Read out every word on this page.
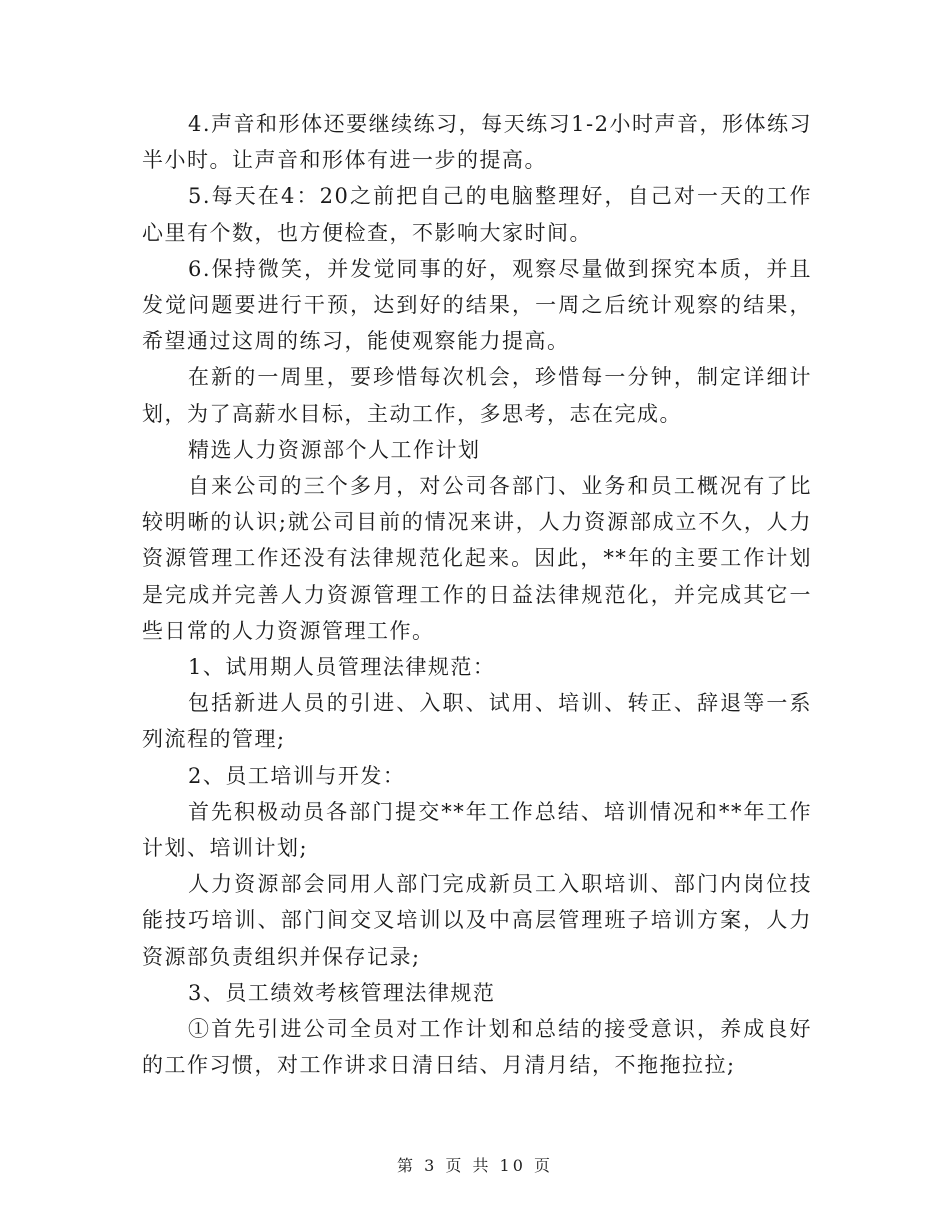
4.声音和形体还要继续练习，每天练习1-2小时声音，形体练习半小时。让声音和形体有进一步的提高。

5.每天在4：20之前把自己的电脑整理好，自己对一天的工作心里有个数，也方便检查，不影响大家时间。

6.保持微笑，并发觉同事的好，观察尽量做到探究本质，并且发觉问题要进行干预，达到好的结果，一周之后统计观察的结果，希望通过这周的练习，能使观察能力提高。

在新的一周里，要珍惜每次机会，珍惜每一分钟，制定详细计划，为了高薪水目标，主动工作，多思考，志在完成。

精选人力资源部个人工作计划

自来公司的三个多月，对公司各部门、业务和员工概况有了比较明晰的认识;就公司目前的情况来讲，人力资源部成立不久，人力资源管理工作还没有法律规范化起来。因此，**年的主要工作计划是完成并完善人力资源管理工作的日益法律规范化，并完成其它一些日常的人力资源管理工作。

1、试用期人员管理法律规范：

包括新进人员的引进、入职、试用、培训、转正、辞退等一系列流程的管理;

2、员工培训与开发：

首先积极动员各部门提交**年工作总结、培训情况和**年工作计划、培训计划;

人力资源部会同用人部门完成新员工入职培训、部门内岗位技能技巧培训、部门间交叉培训以及中高层管理班子培训方案，人力资源部负责组织并保存记录;

3、员工绩效考核管理法律规范

①首先引进公司全员对工作计划和总结的接受意识，养成良好的工作习惯，对工作讲求日清日结、月清月结，不拖拖拉拉;

第 3 页 共 10 页
